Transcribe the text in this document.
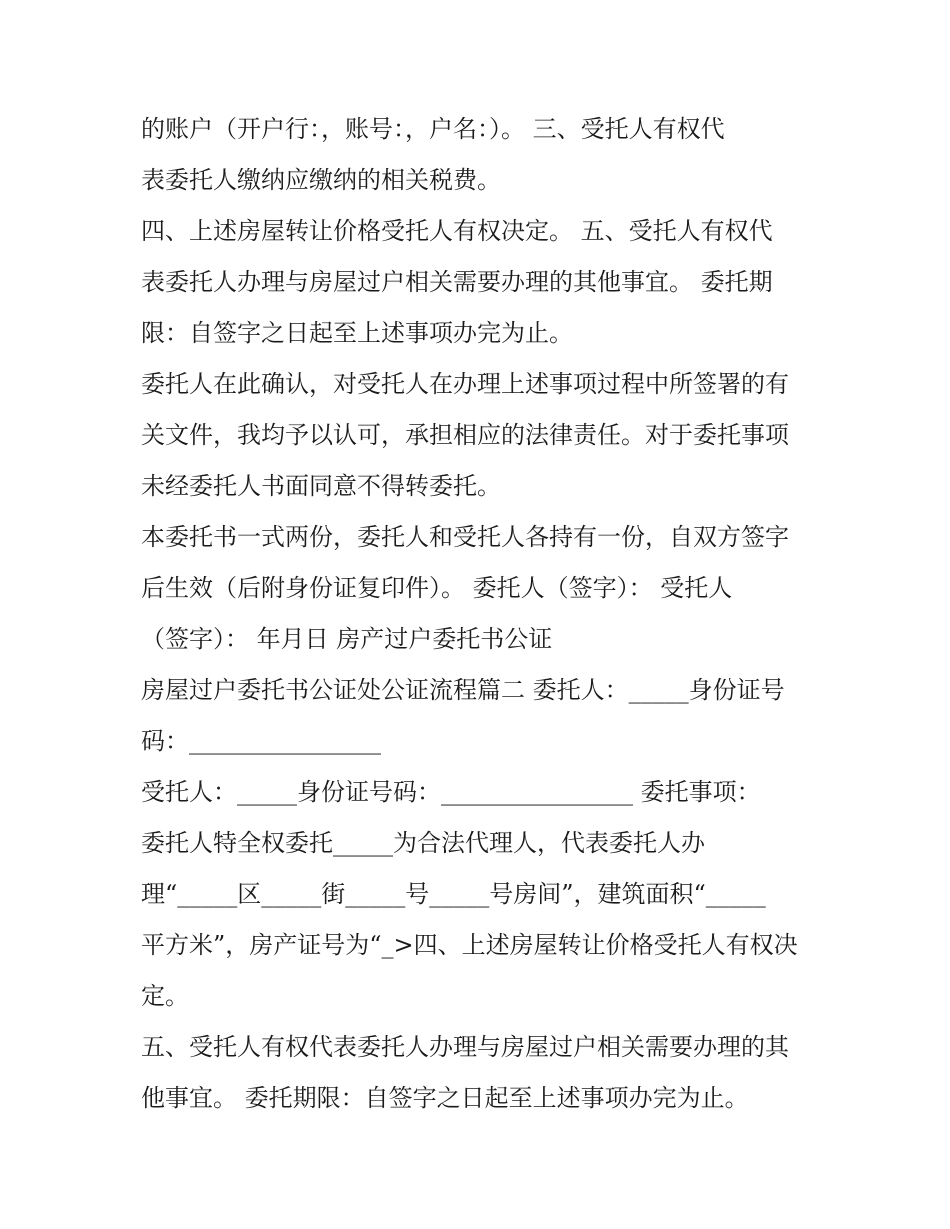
的账户（开户行：，账号：，户名：）。 三、受托人有权代
表委托人缴纳应缴纳的相关税费。
四、上述房屋转让价格受托人有权决定。 五、受托人有权代
表委托人办理与房屋过户相关需要办理的其他事宜。 委托期
限：自签字之日起至上述事项办完为止。
委托人在此确认，对受托人在办理上述事项过程中所签署的有
关文件，我均予以认可，承担相应的法律责任。对于委托事项
未经委托人书面同意不得转委托。
本委托书一式两份，委托人和受托人各持有一份，自双方签字
后生效（后附身份证复印件）。 委托人（签字）： 受托人
（签字）： 年月日 房产过户委托书公证
房屋过户委托书公证处公证流程篇二 委托人：_____身份证号
码：________________
受托人：_____身份证号码：________________ 委托事项：
委托人特全权委托_____为合法代理人，代表委托人办
理“_____区_____街_____号_____号房间”，建筑面积“_____
平方米”，房产证号为“_>四、上述房屋转让价格受托人有权决
定。
五、受托人有权代表委托人办理与房屋过户相关需要办理的其
他事宜。 委托期限：自签字之日起至上述事项办完为止。
